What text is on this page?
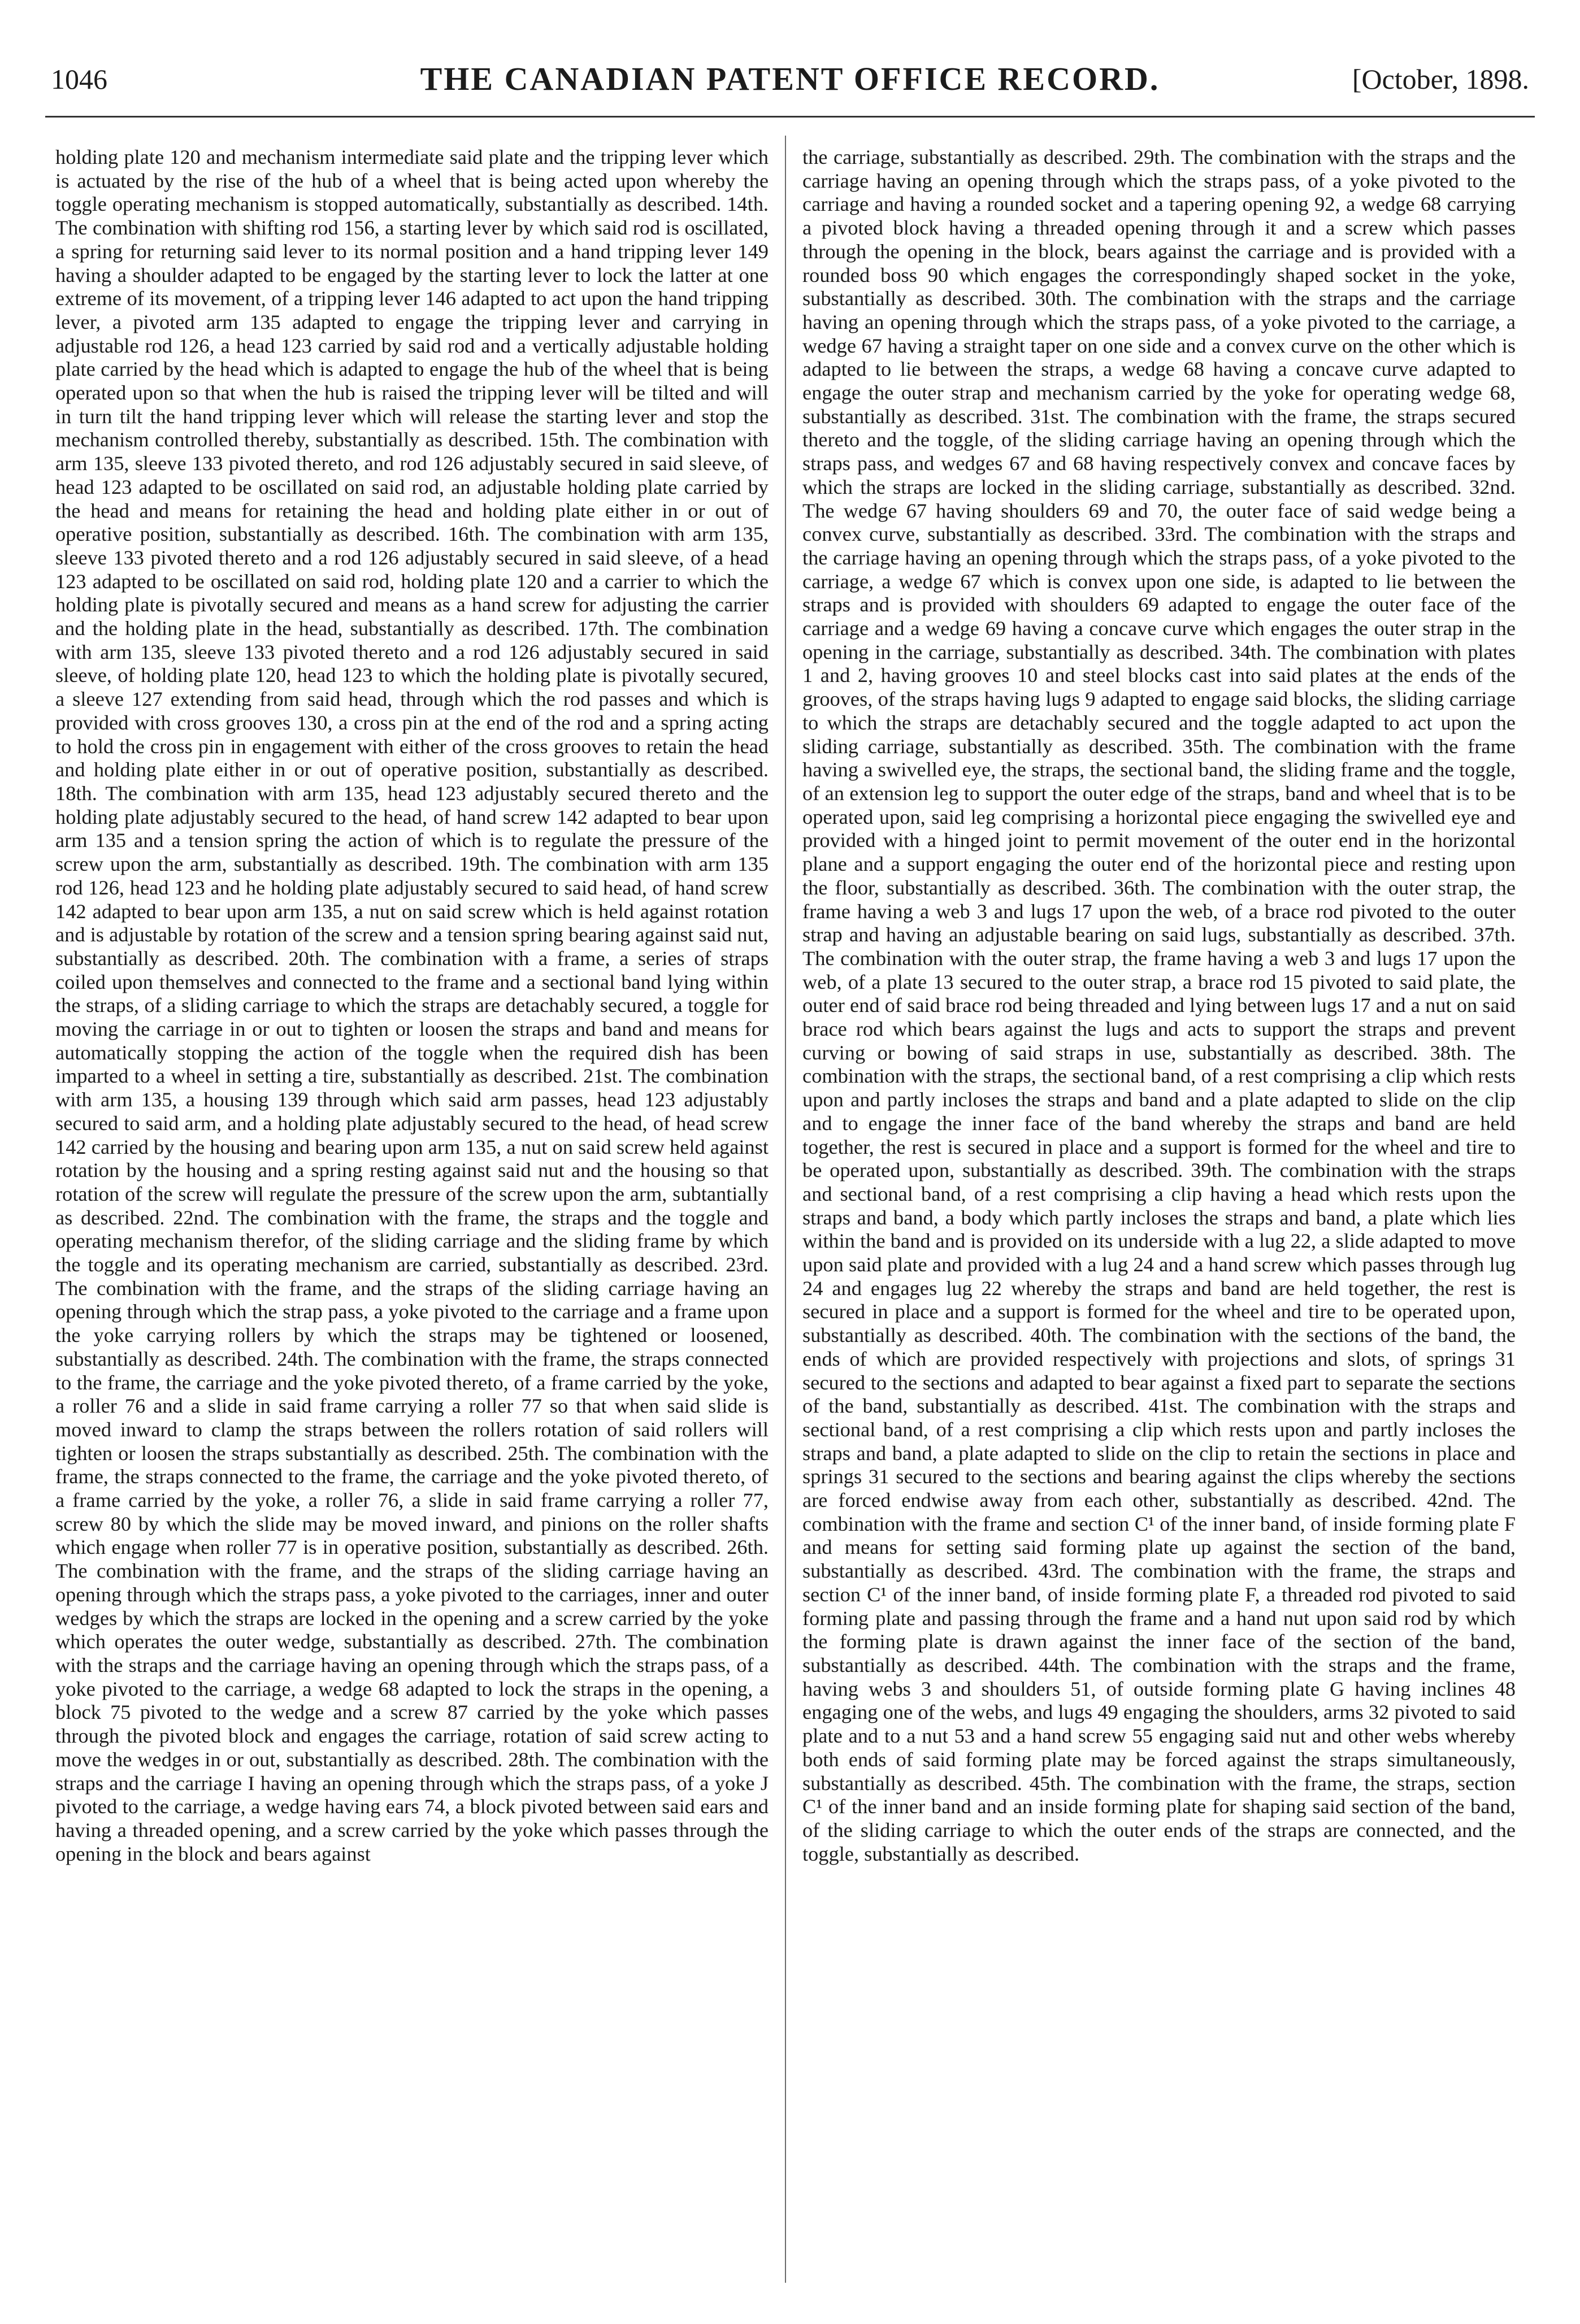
1046	THE CANADIAN PATENT OFFICE RECORD.	[October, 1898.

holding plate 120 and mechanism intermediate said plate and the tripping lever which is actuated by the rise of the hub of a wheel that is being acted upon whereby the toggle operating mechanism is stopped automatically, substantially as described. 14th. The combination with shifting rod 156, a starting lever by which said rod is oscillated, a spring for returning said lever to its normal position and a hand tripping lever 149 having a shoulder adapted to be engaged by the starting lever to lock the latter at one extreme of its movement, of a tripping lever 146 adapted to act upon the hand tripping lever, a pivoted arm 135 adapted to engage the tripping lever and carrying in adjustable rod 126, a head 123 carried by said rod and a vertically adjustable holding plate carried by the head which is adapted to engage the hub of the wheel that is being operated upon so that when the hub is raised the tripping lever will be tilted and will in turn tilt the hand tripping lever which will release the starting lever and stop the mechanism controlled thereby, substantially as described. 15th. The combination with arm 135, sleeve 133 pivoted thereto, and rod 126 adjustably secured in said sleeve, of head 123 adapted to be oscillated on said rod, an adjustable holding plate carried by the head and means for retaining the head and holding plate either in or out of operative position, substantially as described. 16th. The combination with arm 135, sleeve 133 pivoted thereto and a rod 126 adjustably secured in said sleeve, of a head 123 adapted to be oscillated on said rod, holding plate 120 and a carrier to which the holding plate is pivotally secured and means as a hand screw for adjusting the carrier and the holding plate in the head, substantially as described. 17th. The combination with arm 135, sleeve 133 pivoted thereto and a rod 126 adjustably secured in said sleeve, of holding plate 120, head 123 to which the holding plate is pivotally secured, a sleeve 127 extending from said head, through which the rod passes and which is provided with cross grooves 130, a cross pin at the end of the rod and a spring acting to hold the cross pin in engagement with either of the cross grooves to retain the head and holding plate either in or out of operative position, substantially as described. 18th. The combination with arm 135, head 123 adjustably secured thereto and the holding plate adjustably secured to the head, of hand screw 142 adapted to bear upon arm 135 and a tension spring the action of which is to regulate the pressure of the screw upon the arm, substantially as described. 19th. The combination with arm 135 rod 126, head 123 and he holding plate adjustably secured to said head, of hand screw 142 adapted to bear upon arm 135, a nut on said screw which is held against rotation and is adjustable by rotation of the screw and a tension spring bearing against said nut, substantially as described. 20th. The combination with a frame, a series of straps coiled upon themselves and connected to the frame and a sectional band lying within the straps, of a sliding carriage to which the straps are detachably secured, a toggle for moving the carriage in or out to tighten or loosen the straps and band and means for automatically stopping the action of the toggle when the required dish has been imparted to a wheel in setting a tire, substantially as described. 21st. The combination with arm 135, a housing 139 through which said arm passes, head 123 adjustably secured to said arm, and a holding plate adjustably secured to the head, of head screw 142 carried by the housing and bearing upon arm 135, a nut on said screw held against rotation by the housing and a spring resting against said nut and the housing so that rotation of the screw will regulate the pressure of the screw upon the arm, subtantially as described. 22nd. The combination with the frame, the straps and the toggle and operating mechanism therefor, of the sliding carriage and the sliding frame by which the toggle and its operating mechanism are carried, substantially as described. 23rd. The combination with the frame, and the straps of the sliding carriage having an opening through which the strap pass, a yoke pivoted to the carriage and a frame upon the yoke carrying rollers by which the straps may be tightened or loosened, substantially as described. 24th. The combination with the frame, the straps connected to the frame, the carriage and the yoke pivoted thereto, of a frame carried by the yoke, a roller 76 and a slide in said frame carrying a roller 77 so that when said slide is moved inward to clamp the straps between the rollers rotation of said rollers will tighten or loosen the straps substantially as described. 25th. The combination with the frame, the straps connected to the frame, the carriage and the yoke pivoted thereto, of a frame carried by the yoke, a roller 76, a slide in said frame carrying a roller 77, screw 80 by which the slide may be moved inward, and pinions on the roller shafts which engage when roller 77 is in operative position, substantially as described. 26th. The combination with the frame, and the straps of the sliding carriage having an opening through which the straps pass, a yoke pivoted to the carriages, inner and outer wedges by which the straps are locked in the opening and a screw carried by the yoke which operates the outer wedge, substantially as described. 27th. The combination with the straps and the carriage having an opening through which the straps pass, of a yoke pivoted to the carriage, a wedge 68 adapted to lock the straps in the opening, a block 75 pivoted to the wedge and a screw 87 carried by the yoke which passes through the pivoted block and engages the carriage, rotation of said screw acting to move the wedges in or out, substantially as described. 28th. The combination with the straps and the carriage I having an opening through which the straps pass, of a yoke J pivoted to the carriage, a wedge having ears 74, a block pivoted between said ears and having a threaded opening, and a screw carried by the yoke which passes through the opening in the block and bears against

the carriage, substantially as described. 29th. The combination with the straps and the carriage having an opening through which the straps pass, of a yoke pivoted to the carriage and having a rounded socket and a tapering opening 92, a wedge 68 carrying a pivoted block having a threaded opening through it and a screw which passes through the opening in the block, bears against the carriage and is provided with a rounded boss 90 which engages the correspondingly shaped socket in the yoke, substantially as described. 30th. The combination with the straps and the carriage having an opening through which the straps pass, of a yoke pivoted to the carriage, a wedge 67 having a straight taper on one side and a convex curve on the other which is adapted to lie between the straps, a wedge 68 having a concave curve adapted to engage the outer strap and mechanism carried by the yoke for operating wedge 68, substantially as described. 31st. The combination with the frame, the straps secured thereto and the toggle, of the sliding carriage having an opening through which the straps pass, and wedges 67 and 68 having respectively convex and concave faces by which the straps are locked in the sliding carriage, substantially as described. 32nd. The wedge 67 having shoulders 69 and 70, the outer face of said wedge being a convex curve, substantially as described. 33rd. The combination with the straps and the carriage having an opening through which the straps pass, of a yoke pivoted to the carriage, a wedge 67 which is convex upon one side, is adapted to lie between the straps and is provided with shoulders 69 adapted to engage the outer face of the carriage and a wedge 69 having a concave curve which engages the outer strap in the opening in the carriage, substantially as described. 34th. The combination with plates 1 and 2, having grooves 10 and steel blocks cast into said plates at the ends of the grooves, of the straps having lugs 9 adapted to engage said blocks, the sliding carriage to which the straps are detachably secured and the toggle adapted to act upon the sliding carriage, substantially as described. 35th. The combination with the frame having a swivelled eye, the straps, the sectional band, the sliding frame and the toggle, of an extension leg to support the outer edge of the straps, band and wheel that is to be operated upon, said leg comprising a horizontal piece engaging the swivelled eye and provided with a hinged joint to permit movement of the outer end in the horizontal plane and a support engaging the outer end of the horizontal piece and resting upon the floor, substantially as described. 36th. The combination with the outer strap, the frame having a web 3 and lugs 17 upon the web, of a brace rod pivoted to the outer strap and having an adjustable bearing on said lugs, substantially as described. 37th. The combination with the outer strap, the frame having a web 3 and lugs 17 upon the web, of a plate 13 secured to the outer strap, a brace rod 15 pivoted to said plate, the outer end of said brace rod being threaded and lying between lugs 17 and a nut on said brace rod which bears against the lugs and acts to support the straps and prevent curving or bowing of said straps in use, substantially as described. 38th. The combination with the straps, the sectional band, of a rest comprising a clip which rests upon and partly incloses the straps and band and a plate adapted to slide on the clip and to engage the inner face of the band whereby the straps and band are held together, the rest is secured in place and a support is formed for the wheel and tire to be operated upon, substantially as described. 39th. The combination with the straps and sectional band, of a rest comprising a clip having a head which rests upon the straps and band, a body which partly incloses the straps and band, a plate which lies within the band and is provided on its underside with a lug 22, a slide adapted to move upon said plate and provided with a lug 24 and a hand screw which passes through lug 24 and engages lug 22 whereby the straps and band are held together, the rest is secured in place and a support is formed for the wheel and tire to be operated upon, substantially as described. 40th. The combination with the sections of the band, the ends of which are provided respectively with projections and slots, of springs 31 secured to the sections and adapted to bear against a fixed part to separate the sections of the band, substantially as described. 41st. The combination with the straps and sectional band, of a rest comprising a clip which rests upon and partly incloses the straps and band, a plate adapted to slide on the clip to retain the sections in place and springs 31 secured to the sections and bearing against the clips whereby the sections are forced endwise away from each other, substantially as described. 42nd. The combination with the frame and section C¹ of the inner band, of inside forming plate F and means for setting said forming plate up against the section of the band, substantially as described. 43rd. The combination with the frame, the straps and section C¹ of the inner band, of inside forming plate F, a threaded rod pivoted to said forming plate and passing through the frame and a hand nut upon said rod by which the forming plate is drawn against the inner face of the section of the band, substantially as described. 44th. The combination with the straps and the frame, having webs 3 and shoulders 51, of outside forming plate G having inclines 48 engaging one of the webs, and lugs 49 engaging the shoulders, arms 32 pivoted to said plate and to a nut 53 and a hand screw 55 engaging said nut and other webs whereby both ends of said forming plate may be forced against the straps simultaneously, substantially as described. 45th. The combination with the frame, the straps, section C¹ of the inner band and an inside forming plate for shaping said section of the band, of the sliding carriage to which the outer ends of the straps are connected, and the toggle, substantially as described.
